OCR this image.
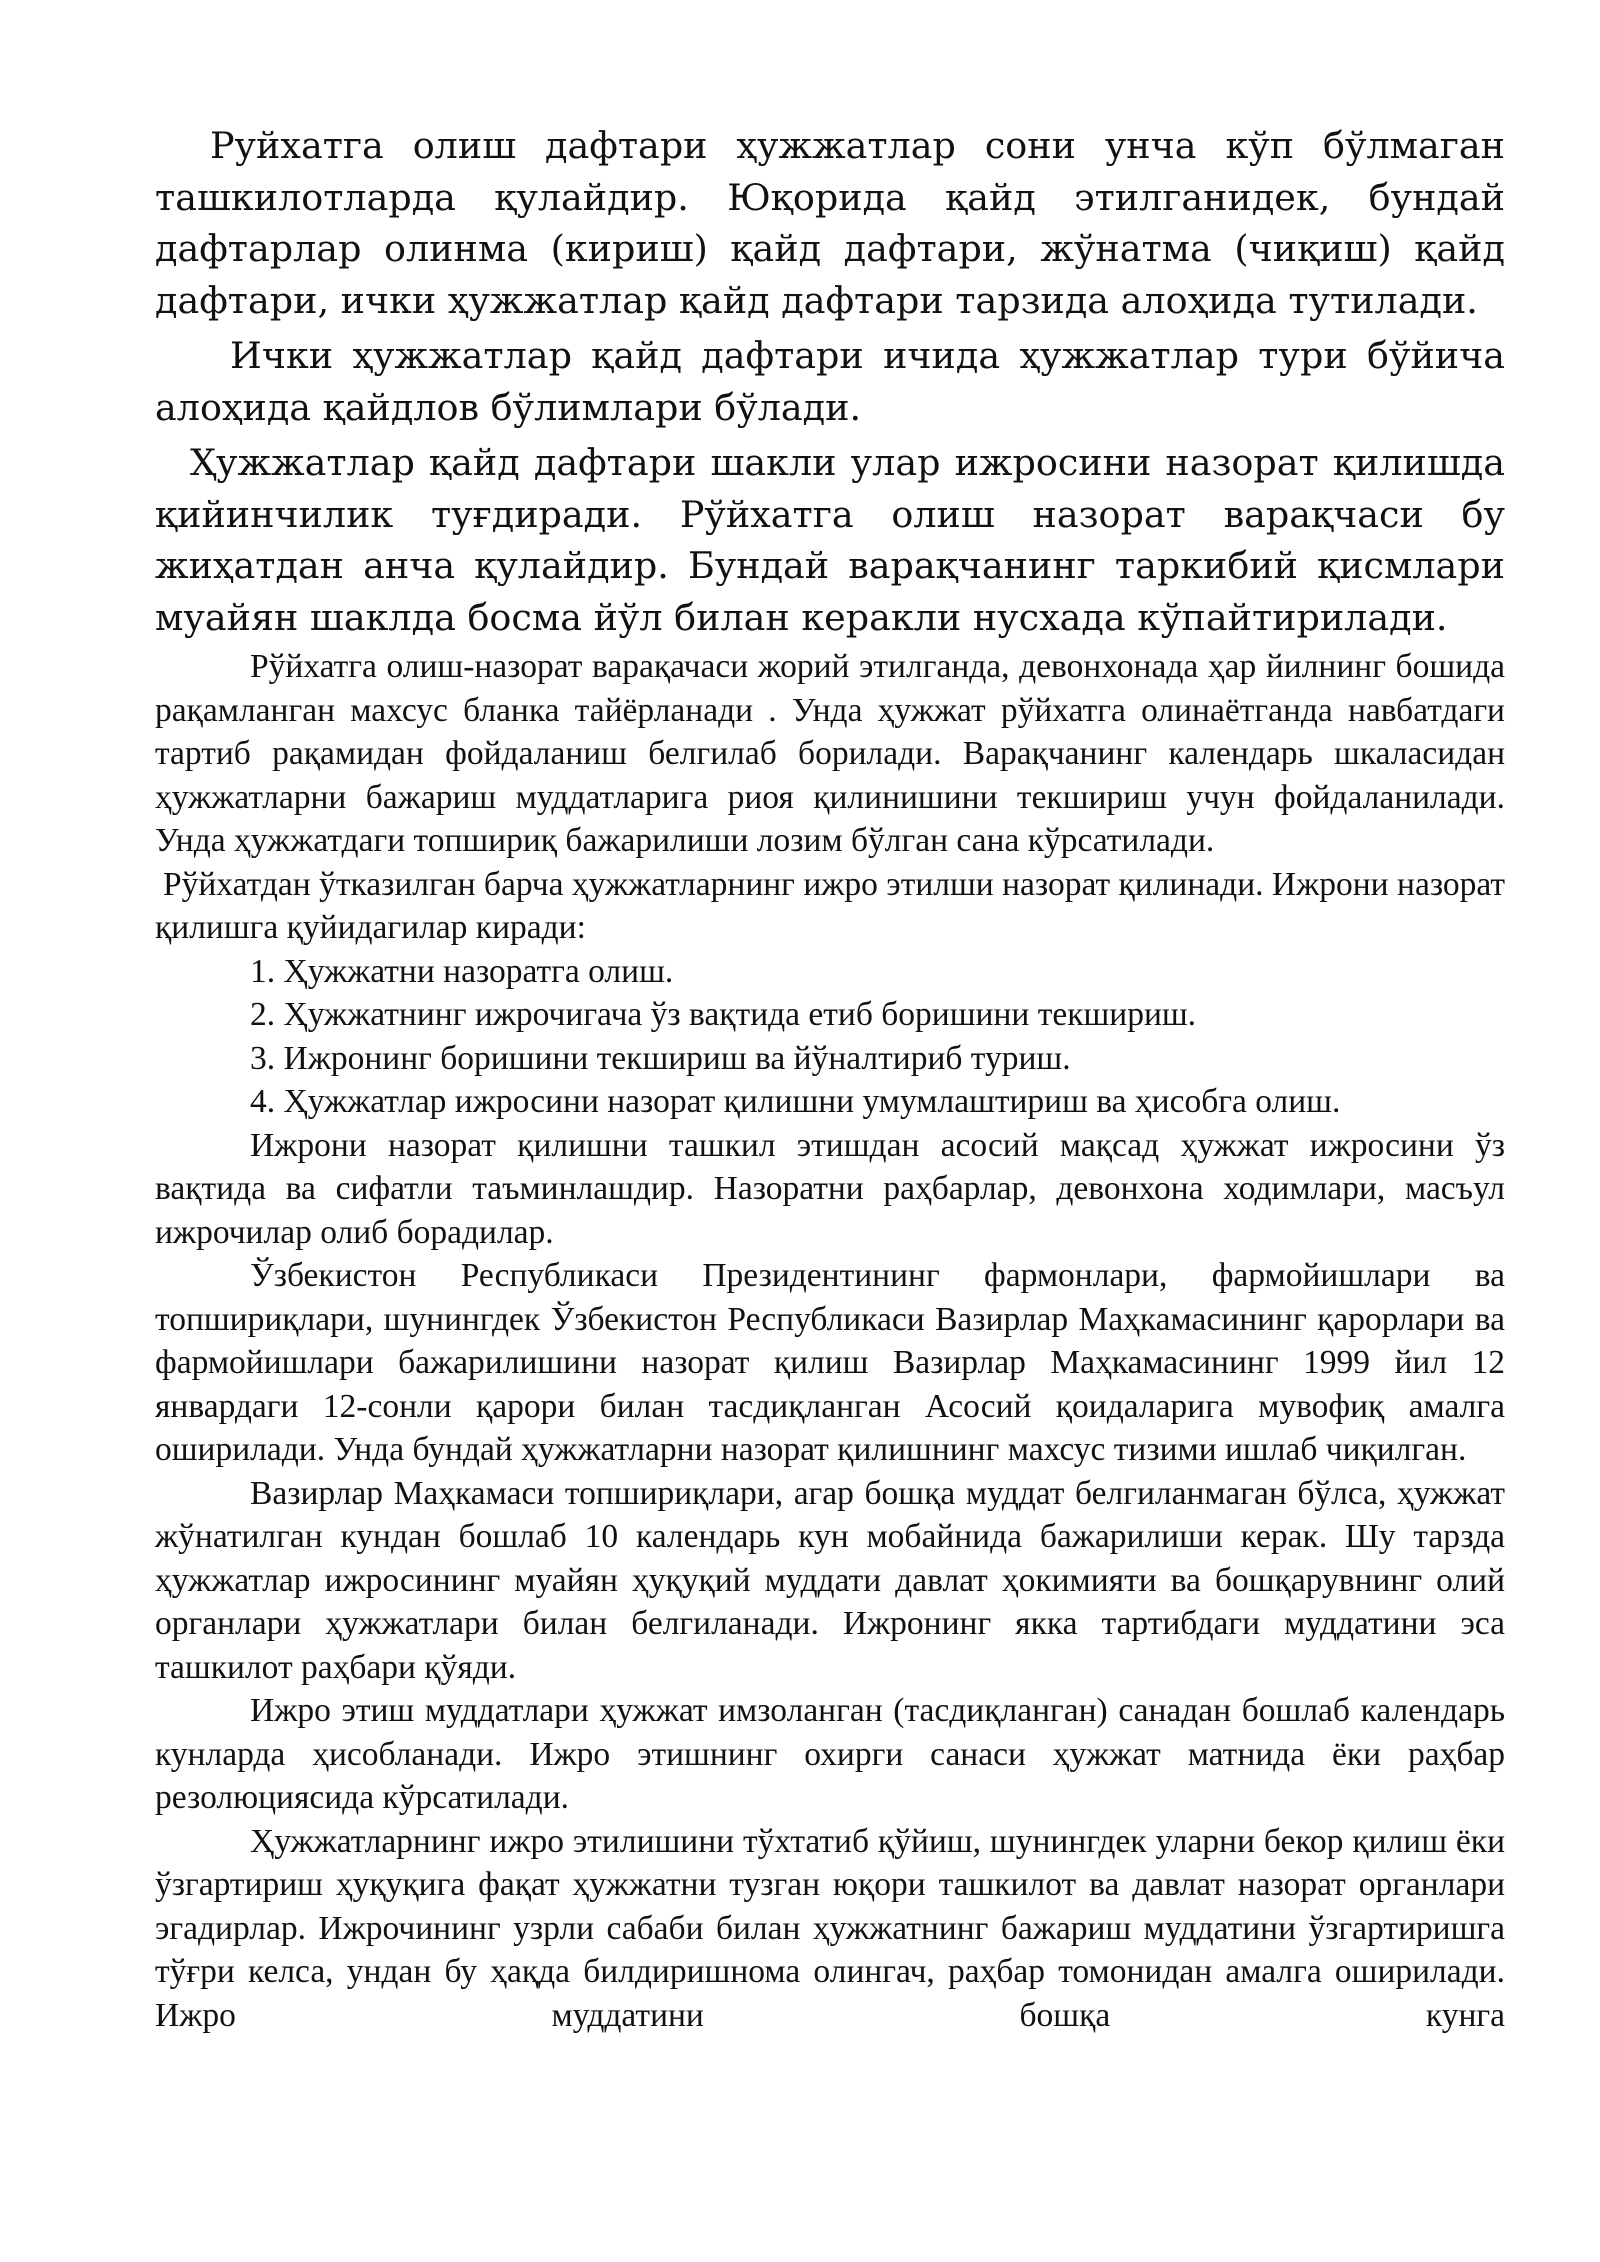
Руйхатга олиш дафтари ҳужжатлар сони унча кўп бўлмаган ташкилотларда қулайдир. Юқорида қайд этилганидек, бундай дафтарлар олинма (кириш) қайд дафтари, жўнатма (чиқиш) қайд дафтари, ички ҳужжатлар қайд дафтари тарзида алоҳида тутилади.

Ички ҳужжатлар қайд дафтари ичида ҳужжатлар тури бўйича алоҳида қайдлов бўлимлари бўлади.

Ҳужжатлар қайд дафтари шакли улар ижросини назорат қилишда қийинчилик туғдиради. Рўйхатга олиш назорат варақчаси бу жиҳатдан анча қулайдир. Бундай варақчанинг таркибий қисмлари муайян шаклда босма йўл билан керакли нусхада кўпайтирилади.

Рўйхатга олиш-назорат варақачаси жорий этилганда, девонхонада ҳар йилнинг бошида рақамланган махсус бланка тайёрланади . Унда ҳужжат рўйхатга олинаётганда навбатдаги тартиб рақамидан фойдаланиш белгилаб борилади. Варақчанинг календарь шкаласидан ҳужжатларни бажариш муддатларига риоя қилинишини текшириш учун фойдаланилади. Унда ҳужжатдаги топшириқ бажарилиши лозим бўлган сана кўрсатилади.

Рўйхатдан ўтказилган барча ҳужжатларнинг ижро этилши назорат қилинади. Ижрони назорат қилишга қуйидагилар киради:

1. Ҳужжатни назоратга олиш.

2. Ҳужжатнинг ижрочигача ўз вақтида етиб боришини текшириш.

3. Ижронинг боришини текшириш ва йўналтириб туриш.

4. Ҳужжатлар ижросини назорат қилишни умумлаштириш ва ҳисобга олиш.

Ижрони назорат қилишни ташкил этишдан асосий мақсад ҳужжат ижросини ўз вақтида ва сифатли таъминлашдир. Назоратни раҳбарлар, девонхона ходимлари, масъул ижрочилар олиб борадилар.

Ўзбекистон Республикаси Президентининг фармонлари, фармойишлари ва топшириқлари, шунингдек Ўзбекистон Республикаси Вазирлар Маҳкамасининг қарорлари ва фармойишлари бажарилишини назорат қилиш Вазирлар Маҳкамасининг 1999 йил 12 январдаги 12-сонли қарори билан тасдиқланган Асосий қоидаларига мувофиқ амалга оширилади. Унда бундай ҳужжатларни назорат қилишнинг махсус тизими ишлаб чиқилган.

Вазирлар Маҳкамаси топшириқлари, агар бошқа муддат белгиланмаган бўлса, ҳужжат жўнатилган кундан бошлаб 10 календарь кун мобайнида бажарилиши керак. Шу тарзда ҳужжатлар ижросининг муайян ҳуқуқий муддати давлат ҳокимияти ва бошқарувнинг олий органлари ҳужжатлари билан белгиланади. Ижронинг якка тартибдаги муддатини эса ташкилот раҳбари қўяди.

Ижро этиш муддатлари ҳужжат имзоланган (тасдиқланган) санадан бошлаб календарь кунларда ҳисобланади. Ижро этишнинг охирги санаси ҳужжат матнида ёки раҳбар резолюциясида кўрсатилади.

Ҳужжатларнинг ижро этилишини тўхтатиб қўйиш, шунингдек уларни бекор қилиш ёки ўзгартириш ҳуқуқига фақат ҳужжатни тузган юқори ташкилот ва давлат назорат органлари эгадирлар. Ижрочининг узрли сабаби билан ҳужжатнинг бажариш муддатини ўзгартиришга тўғри келса, ундан бу ҳақда билдиришнома олингач, раҳбар томонидан амалга оширилади. Ижро муддатини бошқа кунга
